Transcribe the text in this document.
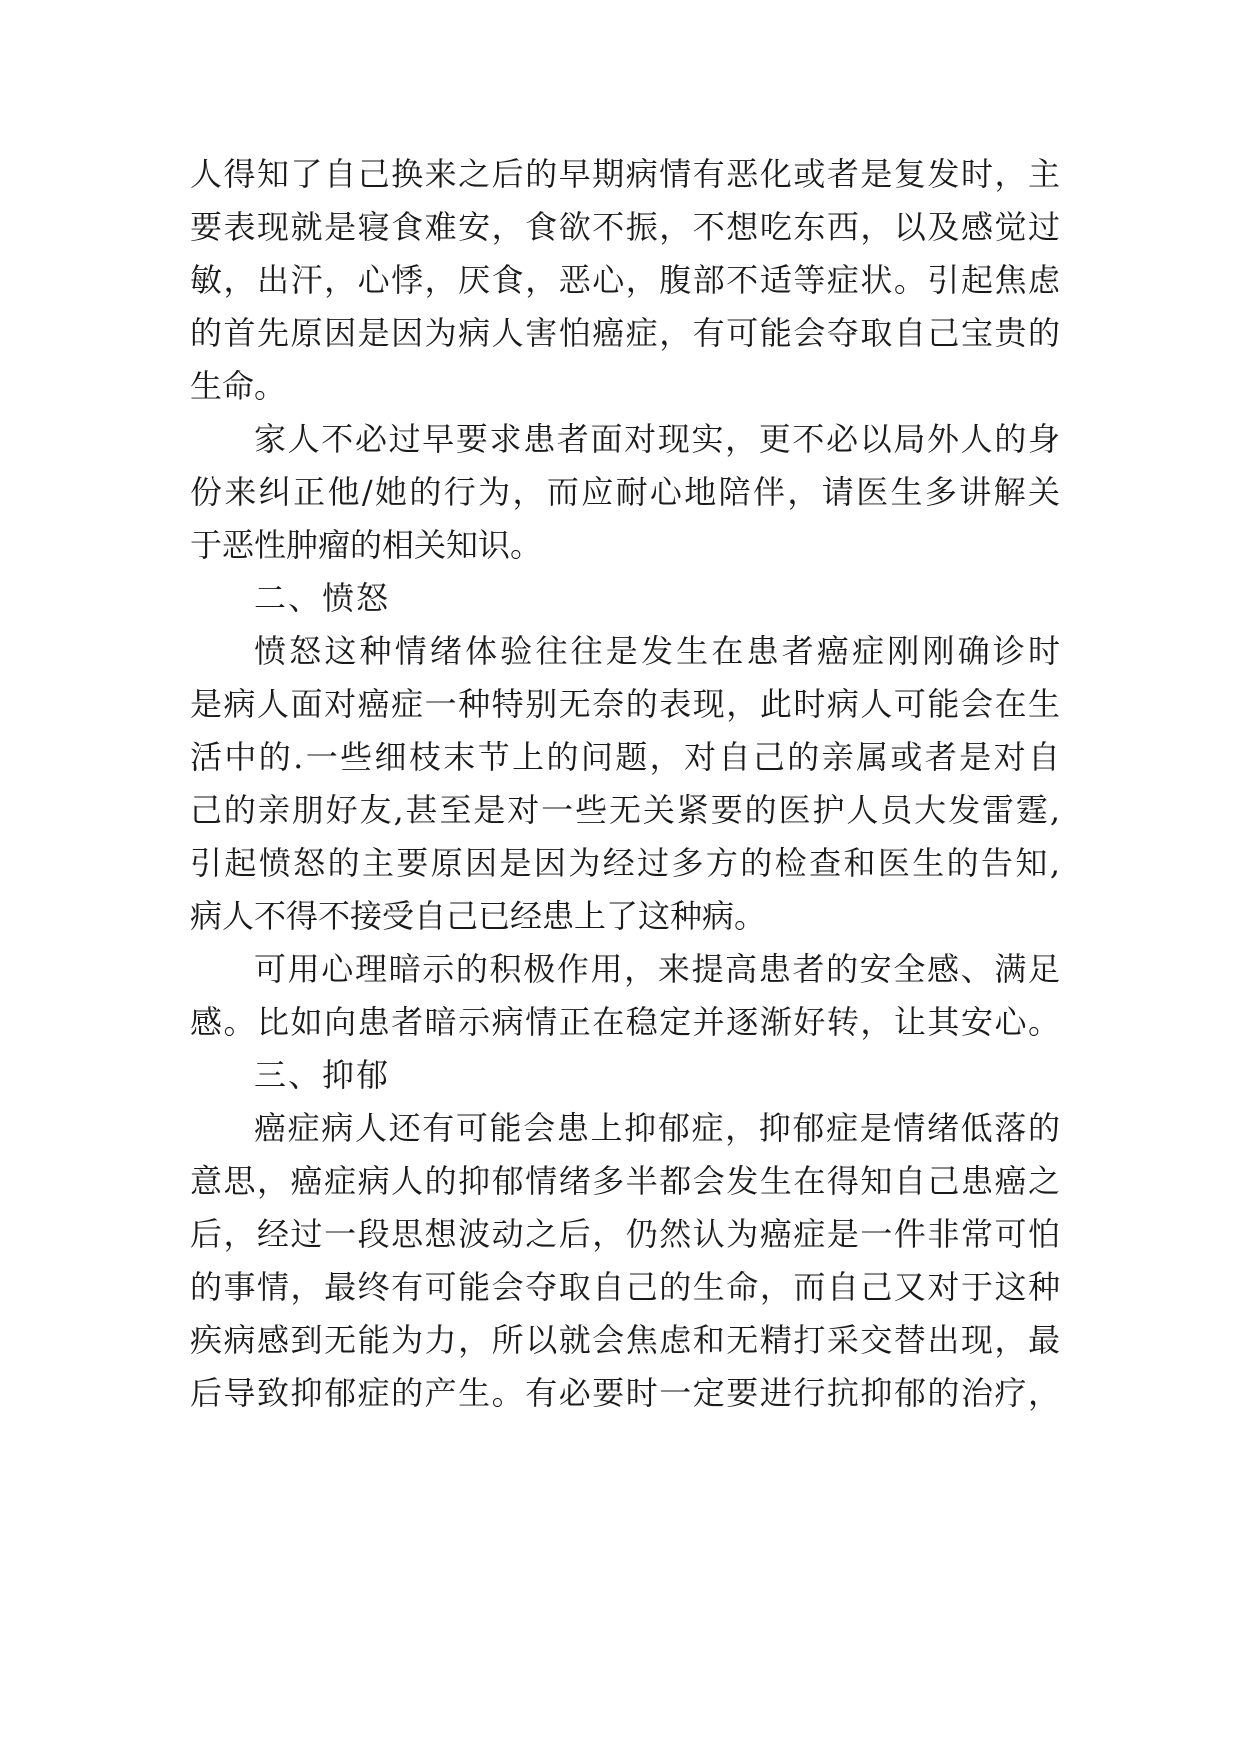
人得知了自己换来之后的早期病情有恶化或者是复发时，主
要表现就是寝食难安，食欲不振，不想吃东西，以及感觉过
敏，出汗，心悸，厌食，恶心，腹部不适等症状。引起焦虑
的首先原因是因为病人害怕癌症，有可能会夺取自己宝贵的
生命。
家人不必过早要求患者面对现实，更不必以局外人的身
份来纠正他/她的行为，而应耐心地陪伴，请医生多讲解关
于恶性肿瘤的相关知识。
二、愤怒
愤怒这种情绪体验往往是发生在患者癌症刚刚确诊时
是病人面对癌症一种特别无奈的表现，此时病人可能会在生
活中的.一些细枝末节上的问题，对自己的亲属或者是对自
己的亲朋好友,甚至是对一些无关紧要的医护人员大发雷霆,
引起愤怒的主要原因是因为经过多方的检查和医生的告知,
病人不得不接受自己已经患上了这种病。
可用心理暗示的积极作用，来提高患者的安全感、满足
感。比如向患者暗示病情正在稳定并逐渐好转，让其安心。
三、抑郁
癌症病人还有可能会患上抑郁症，抑郁症是情绪低落的
意思，癌症病人的抑郁情绪多半都会发生在得知自己患癌之
后，经过一段思想波动之后，仍然认为癌症是一件非常可怕
的事情，最终有可能会夺取自己的生命，而自己又对于这种
疾病感到无能为力，所以就会焦虑和无精打采交替出现，最
后导致抑郁症的产生。有必要时一定要进行抗抑郁的治疗，
